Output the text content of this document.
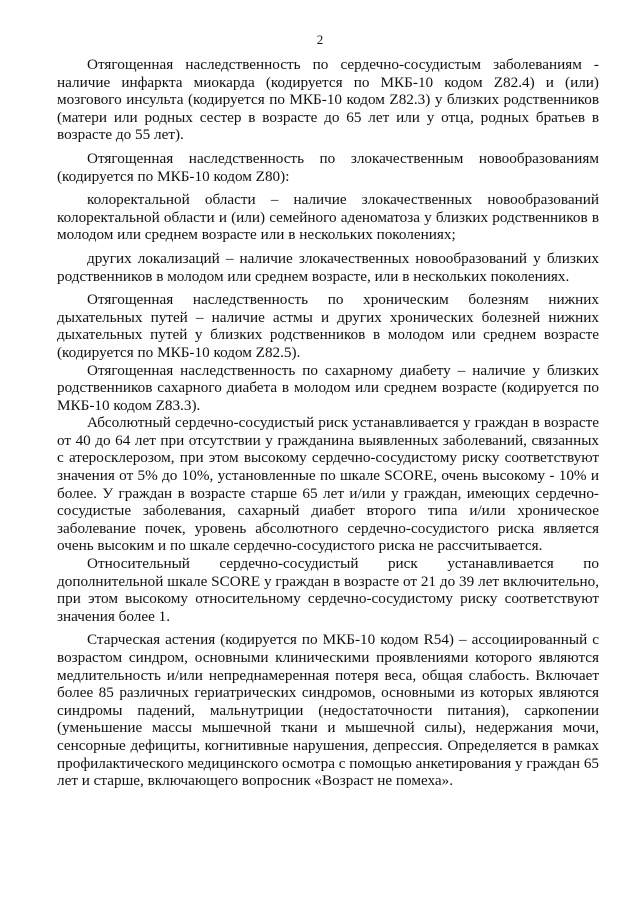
2

Отягощенная наследственность по сердечно-сосудистым заболеваниям - наличие инфаркта миокарда (кодируется по МКБ-10 кодом Z82.4) и (или) мозгового инсульта (кодируется по МКБ-10 кодом Z82.3) у близких родственников (матери или родных сестер в возрасте до 65 лет или у отца, родных братьев в возрасте до 55 лет).

Отягощенная наследственность по злокачественным новообразованиям (кодируется по МКБ-10 кодом Z80):

колоректальной области – наличие злокачественных новообразований колоректальной области и (или) семейного аденоматоза у близких родственников в молодом или среднем возрасте или в нескольких поколениях;

других локализаций – наличие злокачественных новообразований у близких родственников в молодом или среднем возрасте, или в нескольких поколениях.

Отягощенная наследственность по хроническим болезням нижних дыхательных путей – наличие астмы и других хронических болезней нижних дыхательных путей у близких родственников в молодом или среднем возрасте (кодируется по МКБ-10 кодом Z82.5).

Отягощенная наследственность по сахарному диабету – наличие у близких родственников сахарного диабета в молодом или среднем возрасте (кодируется по МКБ-10 кодом Z83.3).

Абсолютный сердечно-сосудистый риск устанавливается у граждан в возрасте от 40 до 64 лет при отсутствии у гражданина выявленных заболеваний, связанных с атеросклерозом, при этом высокому сердечно-сосудистому риску соответствуют значения от 5% до 10%, установленные по шкале SCORE, очень высокому - 10% и более. У граждан в возрасте старше 65 лет и/или у граждан, имеющих сердечно-сосудистые заболевания, сахарный диабет второго типа и/или хроническое заболевание почек, уровень абсолютного сердечно-сосудистого риска является очень высоким и по шкале сердечно-сосудистого риска не рассчитывается.

Относительный сердечно-сосудистый риск устанавливается по дополнительной шкале SCORE у граждан в возрасте от 21 до 39 лет включительно, при этом высокому относительному сердечно-сосудистому риску соответствуют значения более 1.

Старческая астения (кодируется по МКБ-10 кодом R54) – ассоциированный с возрастом синдром, основными клиническими проявлениями которого являются медлительность и/или непреднамеренная потеря веса, общая слабость. Включает более 85 различных гериатрических синдромов, основными из которых являются синдромы падений, мальнутриции (недостаточности питания), саркопении (уменьшение массы мышечной ткани и мышечной силы), недержания мочи, сенсорные дефициты, когнитивные нарушения, депрессия. Определяется в рамках профилактического медицинского осмотра с помощью анкетирования у граждан 65 лет и старше, включающего вопросник «Возраст не помеха».
